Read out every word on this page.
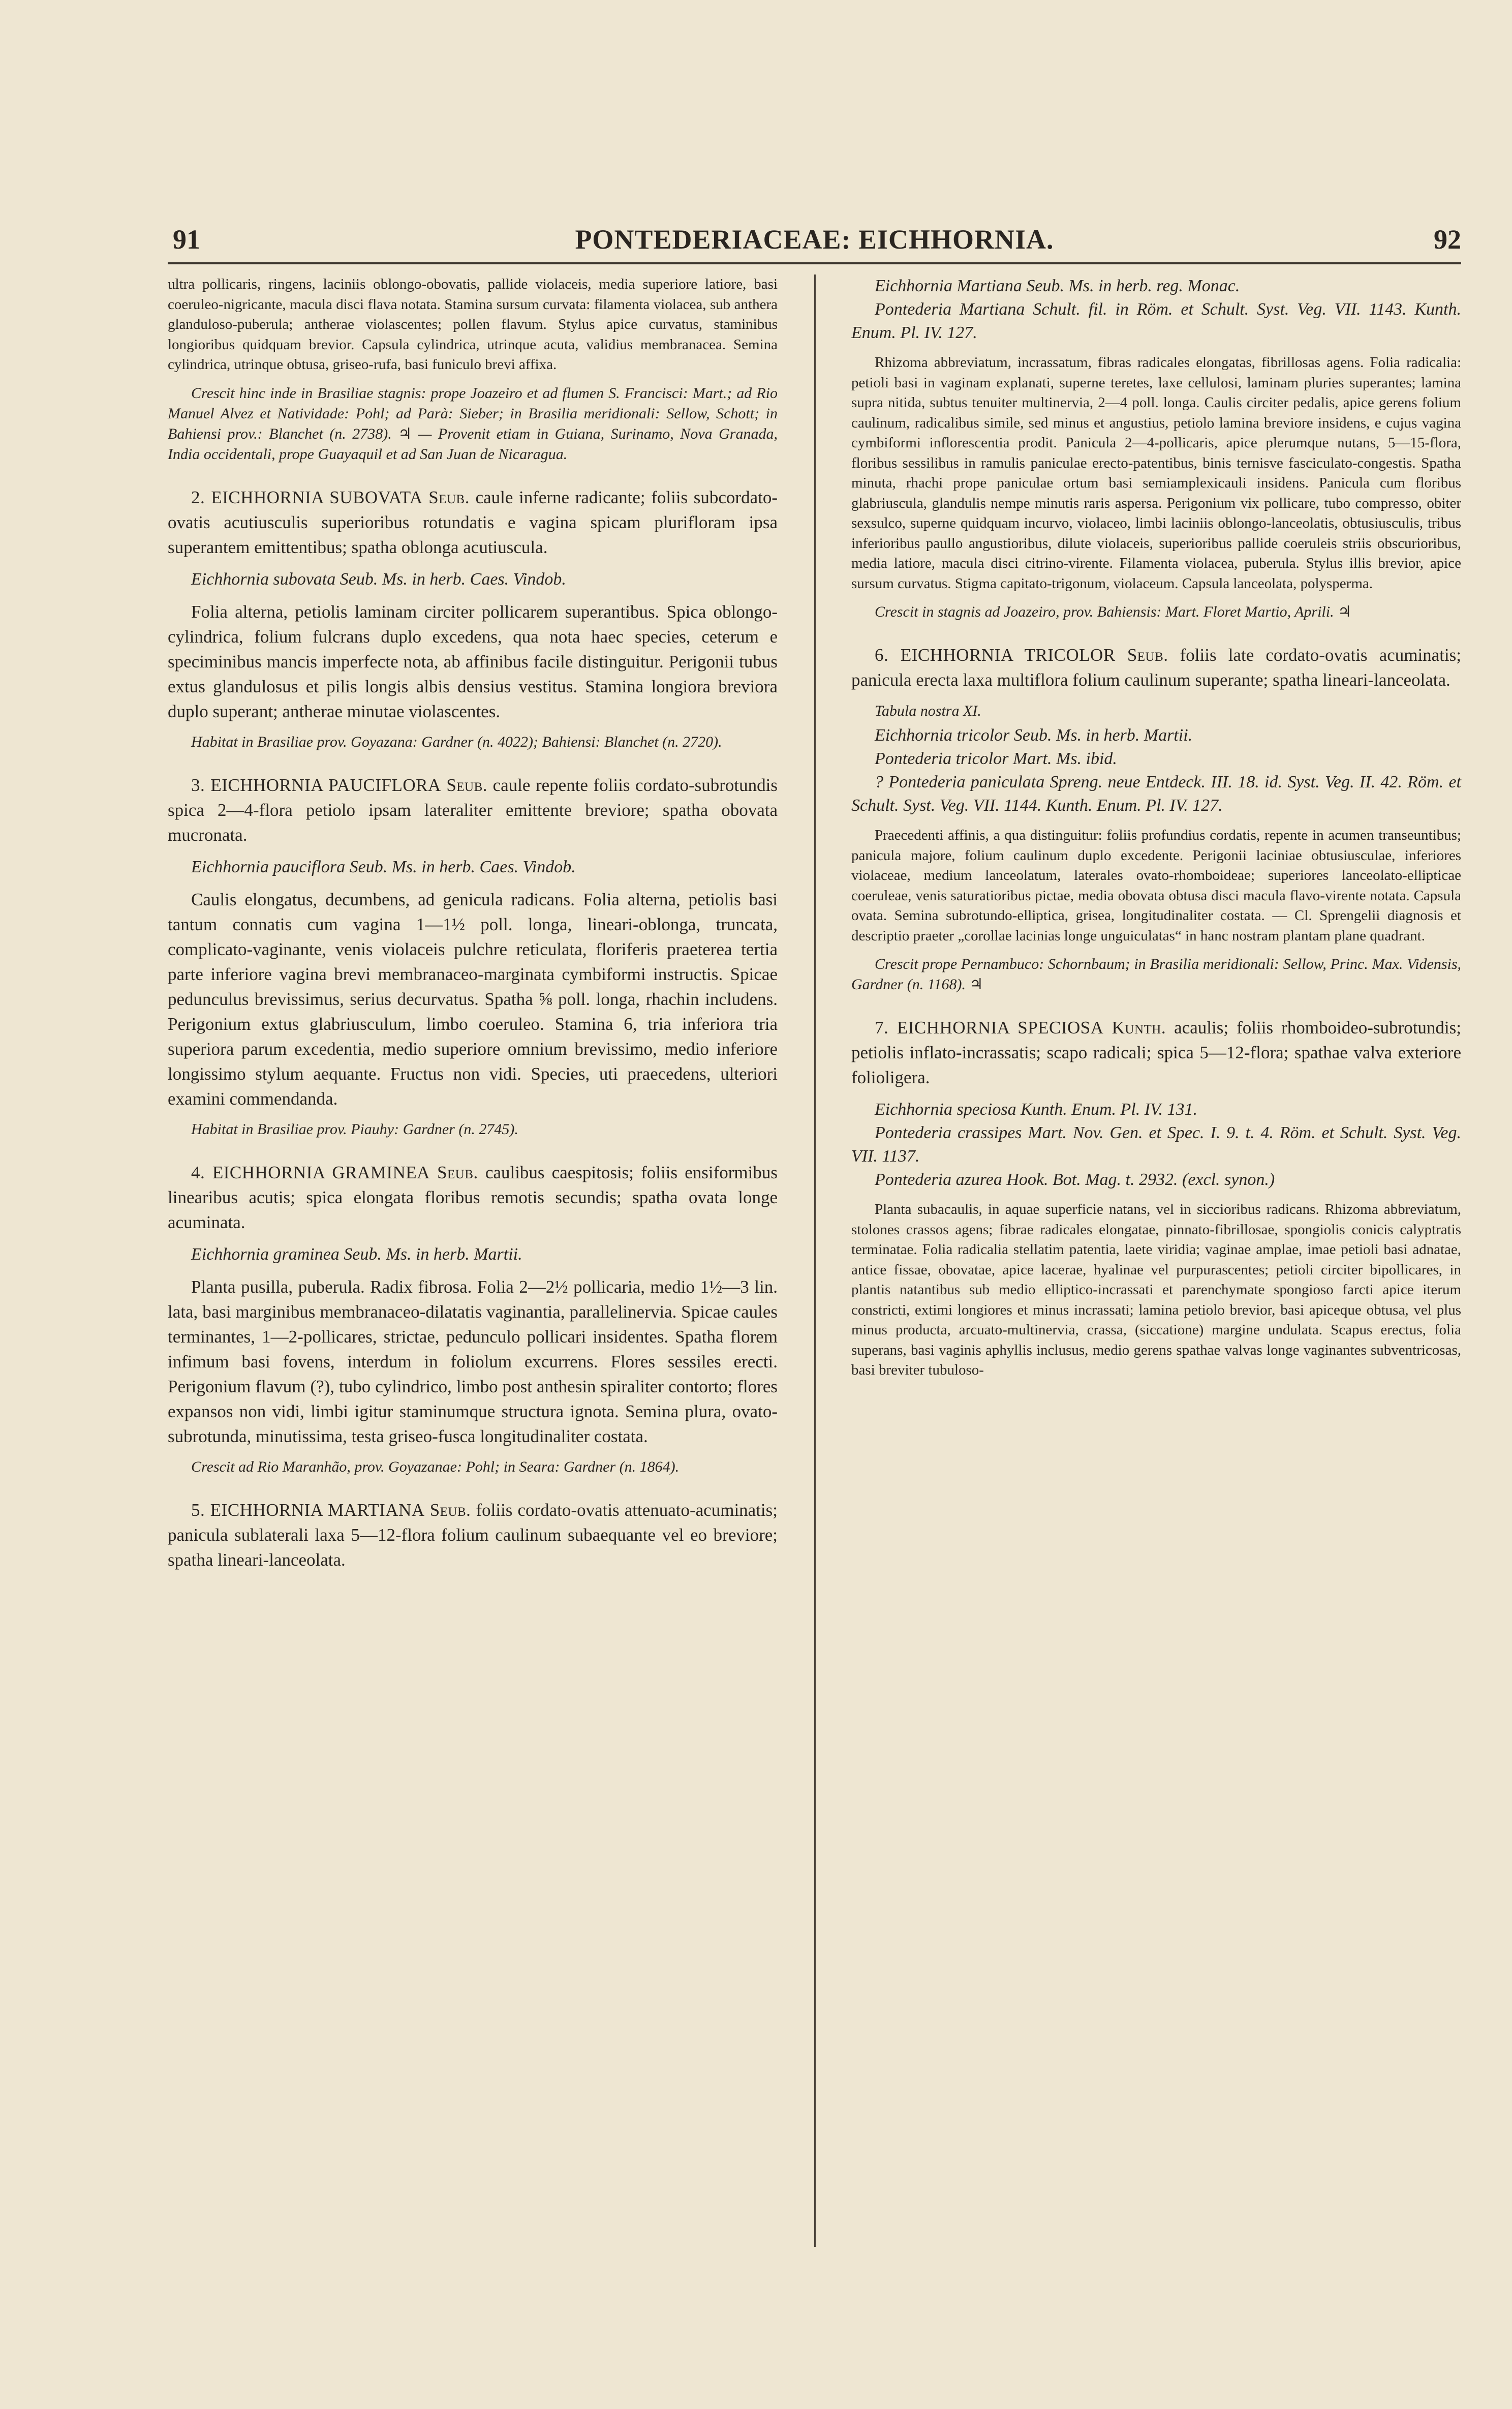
91	PONTEDERIACEAE: EICHHORNIA.	92

ultra pollicaris, ringens, laciniis oblongo-obovatis, pallide violaceis, media superiore latiore, basi coeruleo-nigricante, macula disci flava notata. Stamina sursum curvata: filamenta violacea, sub anthera glanduloso-puberula; antherae violascentes; pollen flavum. Stylus apice curvatus, staminibus longioribus quidquam brevior. Capsula cylindrica, utrinque acuta, validius membranacea. Semina cylindrica, utrinque obtusa, griseo-rufa, basi funiculo brevi affixa.

Crescit hinc inde in Brasiliae stagnis: prope Joazeiro et ad flumen S. Francisci: Mart.; ad Rio Manuel Alvez et Natividade: Pohl; ad Parà: Sieber; in Brasilia meridionali: Sellow, Schott; in Bahiensi prov.: Blanchet (n. 2738). ♃ — Provenit etiam in Guiana, Surinamo, Nova Granada, India occidentali, prope Guayaquil et ad San Juan de Nicaragua.

2. EICHHORNIA SUBOVATA Seub. caule inferne radicante; foliis subcordato-ovatis acutiusculis superioribus rotundatis e vagina spicam plurifloram ipsa superantem emittentibus; spatha oblonga acutiuscula.

Eichhornia subovata Seub. Ms. in herb. Caes. Vindob.

Folia alterna, petiolis laminam circiter pollicarem superantibus. Spica oblongo-cylindrica, folium fulcrans duplo excedens, qua nota haec species, ceterum e speciminibus mancis imperfecte nota, ab affinibus facile distinguitur. Perigonii tubus extus glandulosus et pilis longis albis densius vestitus. Stamina longiora breviora duplo superant; antherae minutae violascentes.

Habitat in Brasiliae prov. Goyazana: Gardner (n. 4022); Bahiensi: Blanchet (n. 2720).

3. EICHHORNIA PAUCIFLORA Seub. caule repente foliis cordato-subrotundis spica 2—4-flora petiolo ipsam lateraliter emittente breviore; spatha obovata mucronata.

Eichhornia pauciflora Seub. Ms. in herb. Caes. Vindob.

Caulis elongatus, decumbens, ad genicula radicans. Folia alterna, petiolis basi tantum connatis cum vagina 1—1½ poll. longa, lineari-oblonga, truncata, complicato-vaginante, venis violaceis pulchre reticulata, floriferis praeterea tertia parte inferiore vagina brevi membranaceo-marginata cymbiformi instructis. Spicae pedunculus brevissimus, serius decurvatus. Spatha ⅝ poll. longa, rhachin includens. Perigonium extus glabriusculum, limbo coeruleo. Stamina 6, tria inferiora tria superiora parum excedentia, medio superiore omnium brevissimo, medio inferiore longissimo stylum aequante. Fructus non vidi. Species, uti praecedens, ulteriori examini commendanda.

Habitat in Brasiliae prov. Piauhy: Gardner (n. 2745).

4. EICHHORNIA GRAMINEA Seub. caulibus caespitosis; foliis ensiformibus linearibus acutis; spica elongata floribus remotis secundis; spatha ovata longe acuminata.

Eichhornia graminea Seub. Ms. in herb. Martii.

Planta pusilla, puberula. Radix fibrosa. Folia 2—2½ pollicaria, medio 1½—3 lin. lata, basi marginibus membranaceo-dilatatis vaginantia, parallelinervia. Spicae caules terminantes, 1—2-pollicares, strictae, pedunculo pollicari insidentes. Spatha florem infimum basi fovens, interdum in foliolum excurrens. Flores sessiles erecti. Perigonium flavum (?), tubo cylindrico, limbo post anthesin spiraliter contorto; flores expansos non vidi, limbi igitur staminumque structura ignota. Semina plura, ovato-subrotunda, minutissima, testa griseo-fusca longitudinaliter costata.

Crescit ad Rio Maranhão, prov. Goyazanae: Pohl; in Seara: Gardner (n. 1864).

5. EICHHORNIA MARTIANA Seub. foliis cordato-ovatis attenuato-acuminatis; panicula sublaterali laxa 5—12-flora folium caulinum subaequante vel eo breviore; spatha lineari-lanceolata.

Eichhornia Martiana Seub. Ms. in herb. reg. Monac.

Pontederia Martiana Schult. fil. in Röm. et Schult. Syst. Veg. VII. 1143. Kunth. Enum. Pl. IV. 127.

Rhizoma abbreviatum, incrassatum, fibras radicales elongatas, fibrillosas agens. Folia radicalia: petioli basi in vaginam explanati, superne teretes, laxe cellulosi, laminam pluries superantes; lamina supra nitida, subtus tenuiter multinervia, 2—4 poll. longa. Caulis circiter pedalis, apice gerens folium caulinum, radicalibus simile, sed minus et angustius, petiolo lamina breviore insidens, e cujus vagina cymbiformi inflorescentia prodit. Panicula 2—4-pollicaris, apice plerumque nutans, 5—15-flora, floribus sessilibus in ramulis paniculae erecto-patentibus, binis ternisve fasciculato-congestis. Spatha minuta, rhachi prope paniculae ortum basi semiamplexicauli insidens. Panicula cum floribus glabriuscula, glandulis nempe minutis raris aspersa. Perigonium vix pollicare, tubo compresso, obiter sexsulco, superne quidquam incurvo, violaceo, limbi laciniis oblongo-lanceolatis, obtusiusculis, tribus inferioribus paullo angustioribus, dilute violaceis, superioribus pallide coeruleis striis obscurioribus, media latiore, macula disci citrino-virente. Filamenta violacea, puberula. Stylus illis brevior, apice sursum curvatus. Stigma capitato-trigonum, violaceum. Capsula lanceolata, polysperma.

Crescit in stagnis ad Joazeiro, prov. Bahiensis: Mart. Floret Martio, Aprili. ♃

6. EICHHORNIA TRICOLOR Seub. foliis late cordato-ovatis acuminatis; panicula erecta laxa multiflora folium caulinum superante; spatha lineari-lanceolata.

Tabula nostra XI.

Eichhornia tricolor Seub. Ms. in herb. Martii.

Pontederia tricolor Mart. Ms. ibid.

? Pontederia paniculata Spreng. neue Entdeck. III. 18. id. Syst. Veg. II. 42. Röm. et Schult. Syst. Veg. VII. 1144. Kunth. Enum. Pl. IV. 127.

Praecedenti affinis, a qua distinguitur: foliis profundius cordatis, repente in acumen transeuntibus; panicula majore, folium caulinum duplo excedente. Perigonii laciniae obtusiusculae, inferiores violaceae, medium lanceolatum, laterales ovato-rhomboideae; superiores lanceolato-ellipticae coeruleae, venis saturatioribus pictae, media obovata obtusa disci macula flavo-virente notata. Capsula ovata. Semina subrotundo-elliptica, grisea, longitudinaliter costata. — Cl. Sprengelii diagnosis et descriptio praeter „corollae lacinias longe unguiculatas“ in hanc nostram plantam plane quadrant.

Crescit prope Pernambuco: Schornbaum; in Brasilia meridionali: Sellow, Princ. Max. Vidensis, Gardner (n. 1168). ♃

7. EICHHORNIA SPECIOSA Kunth. acaulis; foliis rhomboideo-subrotundis; petiolis inflato-incrassatis; scapo radicali; spica 5—12-flora; spathae valva exteriore folioligera.

Eichhornia speciosa Kunth. Enum. Pl. IV. 131.

Pontederia crassipes Mart. Nov. Gen. et Spec. I. 9. t. 4. Röm. et Schult. Syst. Veg. VII. 1137.

Pontederia azurea Hook. Bot. Mag. t. 2932. (excl. synon.)

Planta subacaulis, in aquae superficie natans, vel in siccioribus radicans. Rhizoma abbreviatum, stolones crassos agens; fibrae radicales elongatae, pinnato-fibrillosae, spongiolis conicis calyptratis terminatae. Folia radicalia stellatim patentia, laete viridia; vaginae amplae, imae petioli basi adnatae, antice fissae, obovatae, apice lacerae, hyalinae vel purpurascentes; petioli circiter bipollicares, in plantis natantibus sub medio elliptico-incrassati et parenchymate spongioso farcti apice iterum constricti, extimi longiores et minus incrassati; lamina petiolo brevior, basi apiceque obtusa, vel plus minus producta, arcuato-multinervia, crassa, (siccatione) margine undulata. Scapus erectus, folia superans, basi vaginis aphyllis inclusus, medio gerens spathae valvas longe vaginantes subventricosas, basi breviter tubuloso-
